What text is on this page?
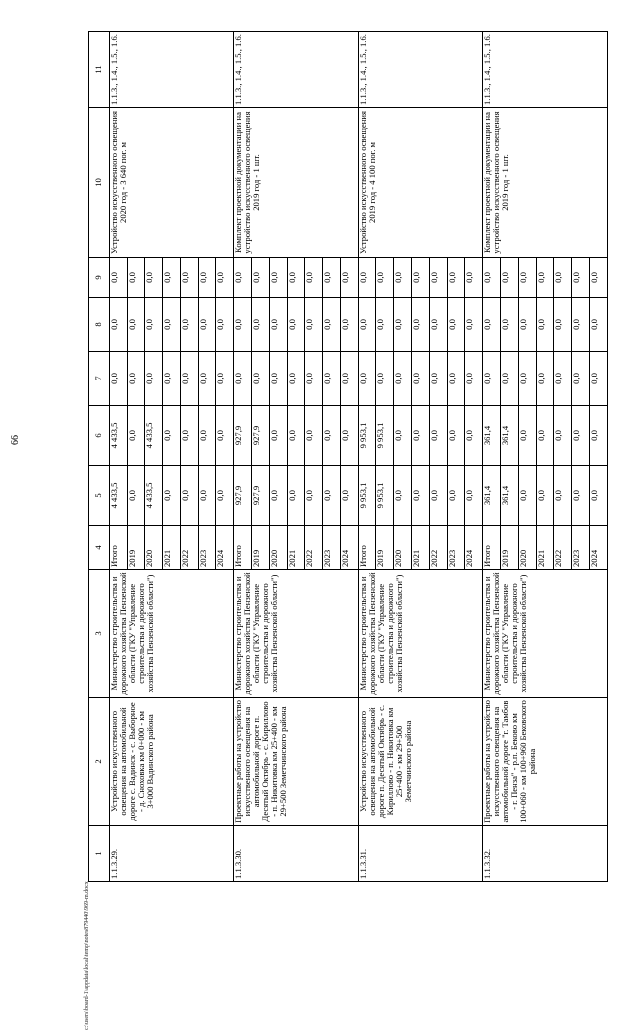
66
c:\users\board-1\appdata\local\temp\notes879440\969-m.docx
1	2	3	4	5	6	7	8	9	10	11
1.1.3.29.	Устройство искусственного освещения на автомобильной дороге с. Вадинск - с. Выборное - д. Сноховка км 0+000 - км 3+000 Вадинского района	Министерство строительства и дорожного хозяйства Пензенской области (ГКУ "Управление строительства и дорожного хозяйства Пензенской области")	Итого	4 433,5	4 433,5	0,0	0,0	0,0	Устройство искусственного освещения 2020 год - 3 640 пог. м	1.1.3., 1.4., 1.5., 1.6.
			2019	0,0	0,0	0,0	0,0	0,0		
			2020	4 433,5	4 433,5	0,0	0,0	0,0		
			2021	0,0	0,0	0,0	0,0	0,0		
			2022	0,0	0,0	0,0	0,0	0,0		
			2023	0,0	0,0	0,0	0,0	0,0		
			2024	0,0	0,0	0,0	0,0	0,0		
1.1.3.30.	Проектные работы на устройство искусственного освещения на автомобильной дороге п. Десятый Октябрь - с. Кириллово - п. Никитовка км 25+400 - км 29+500 Земетчинского района	Министерство строительства и дорожного хозяйства Пензенской области (ГКУ "Управление строительства и дорожного хозяйства Пензенской области")	Итого	927,9	927,9	0,0	0,0	0,0	Комплект проектной документации на устройство искусственного освещения 2019 год - 1 шт.	1.1.3., 1.4., 1.5., 1.6.
			2019	927,9	927,9	0,0	0,0	0,0		
			2020	0,0	0,0	0,0	0,0	0,0		
			2021	0,0	0,0	0,0	0,0	0,0		
			2022	0,0	0,0	0,0	0,0	0,0		
			2023	0,0	0,0	0,0	0,0	0,0		
			2024	0,0	0,0	0,0	0,0	0,0		
1.1.3.31.	Устройство искусственного освещения на автомобильной дороге п. Десятый Октябрь - с. Кириллово - п. Никитовка км 25+400 - км 29+500 Земетчинского района	Министерство строительства и дорожного хозяйства Пензенской области (ГКУ "Управление строительства и дорожного хозяйства Пензенской области")	Итого	9 953,1	9 953,1	0,0	0,0	0,0	Устройство искусственного освещения 2019 год - 4 100 пог. м	1.1.3., 1.4., 1.5., 1.6.
			2019	9 953,1	9 953,1	0,0	0,0	0,0		
			2020	0,0	0,0	0,0	0,0	0,0		
			2021	0,0	0,0	0,0	0,0	0,0		
			2022	0,0	0,0	0,0	0,0	0,0		
			2023	0,0	0,0	0,0	0,0	0,0		
			2024	0,0	0,0	0,0	0,0	0,0		
1.1.3.32.	Проектные работы на устройство искусственного освещения на автомобильной дороге "г. Тамбов - г. Пенза" - р.п. Беково км 100+060 - км 100+960 Бековского района	Министерство строительства и дорожного хозяйства Пензенской области (ГКУ "Управление строительства и дорожного хозяйства Пензенской области")	Итого	361,4	361,4	0,0	0,0	0,0	Комплект проектной документации на устройство искусственного освещения 2019 год - 1 шт.	1.1.3., 1.4., 1.5., 1.6.
			2019	361,4	361,4	0,0	0,0	0,0		
			2020	0,0	0,0	0,0	0,0	0,0		
			2021	0,0	0,0	0,0	0,0	0,0		
			2022	0,0	0,0	0,0	0,0	0,0		
			2023	0,0	0,0	0,0	0,0	0,0		
			2024	0,0	0,0	0,0	0,0	0,0		
